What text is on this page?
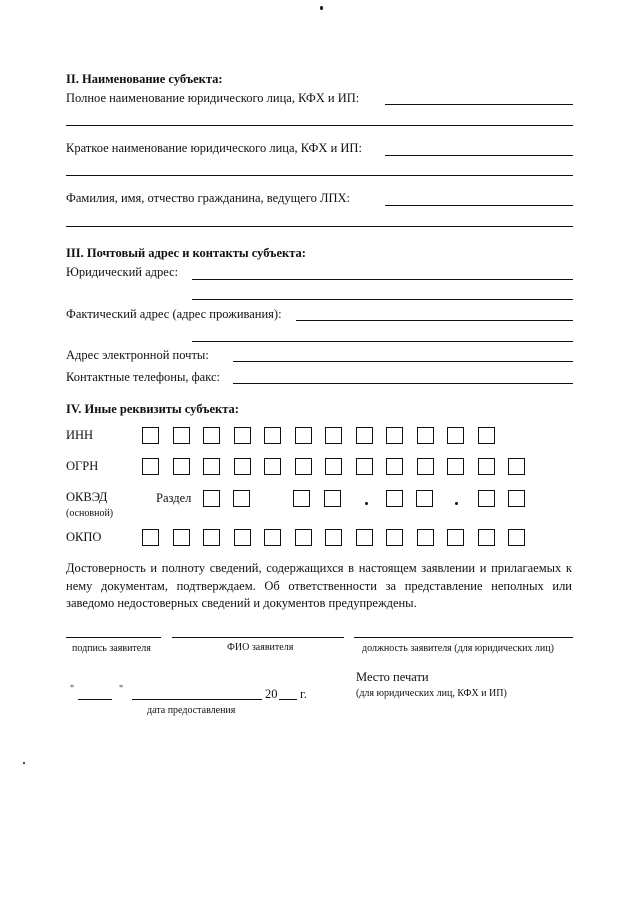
II. Наименование субъекта:
Полное наименование юридического лица, КФХ и ИП:
Краткое наименование юридического лица, КФХ и ИП:
Фамилия, имя, отчество гражданина, ведущего ЛПХ:
III. Почтовый адрес и контакты субъекта:
Юридический адрес:
Фактический адрес (адрес проживания):
Адрес электронной почты:
Контактные телефоны, факс:
IV. Иные реквизиты субъекта:
ИНН
ОГРН
ОКВЭД
(основной)
Раздел
ОКПО
Достоверность и полноту сведений, содержащихся в настоящем заявлении и прилагаемых к нему документам, подтверждаем. Об ответственности за представление неполных или заведомо недостоверных сведений и документов предупреждены.
подпись заявителя	ФИО заявителя	должность заявителя (для юридических лиц)
Место печати
(для юридических лиц, КФХ и ИП)
"	"	20 г.
дата предоставления
